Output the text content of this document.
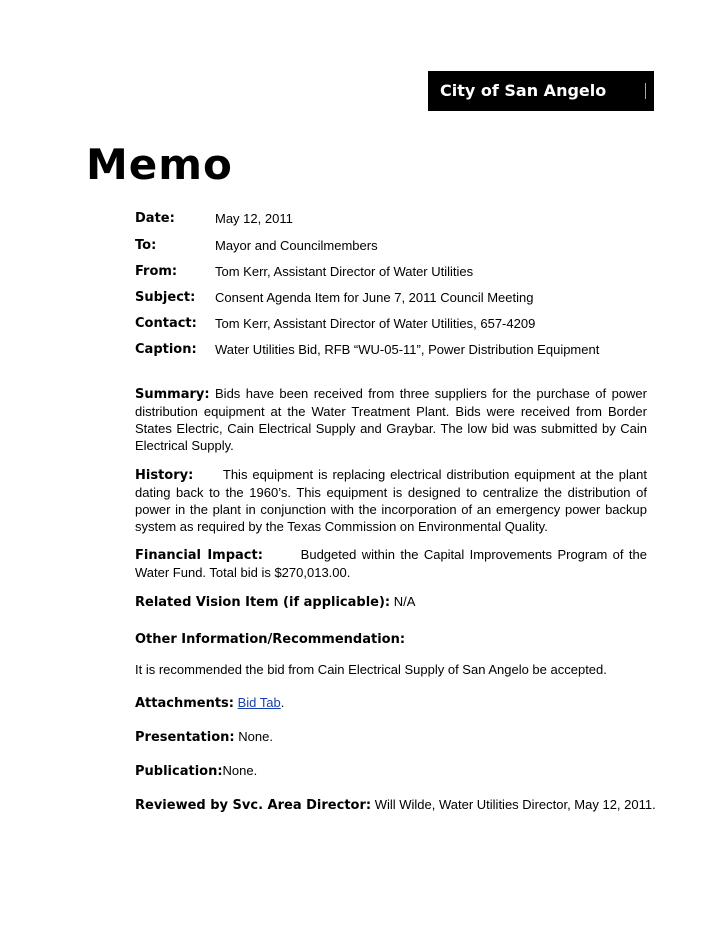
City of San Angelo
Memo
Date:	May 12, 2011
To:	Mayor and Councilmembers
From:	Tom Kerr, Assistant Director of Water Utilities
Subject: Consent Agenda Item for June 7, 2011 Council Meeting
Contact: Tom Kerr, Assistant Director of Water Utilities, 657-4209
Caption: Water Utilities Bid, RFB “WU-05-11”, Power Distribution Equipment
Summary: Bids have been received from three suppliers for the purchase of power distribution equipment at the Water Treatment Plant. Bids were received from Border States Electric, Cain Electrical Supply and Graybar. The low bid was submitted by Cain Electrical Supply.
History: This equipment is replacing electrical distribution equipment at the plant dating back to the 1960’s. This equipment is designed to centralize the distribution of power in the plant in conjunction with the incorporation of an emergency power backup system as required by the Texas Commission on Environmental Quality.
Financial Impact:	Budgeted within the Capital Improvements Program of the Water Fund. Total bid is $270,013.00.
Related Vision Item (if applicable): N/A
Other Information/Recommendation:
It is recommended the bid from Cain Electrical Supply of San Angelo be accepted.
Attachments: Bid Tab.
Presentation: None.
Publication:None.
Reviewed by Svc. Area Director: Will Wilde, Water Utilities Director, May 12, 2011.
